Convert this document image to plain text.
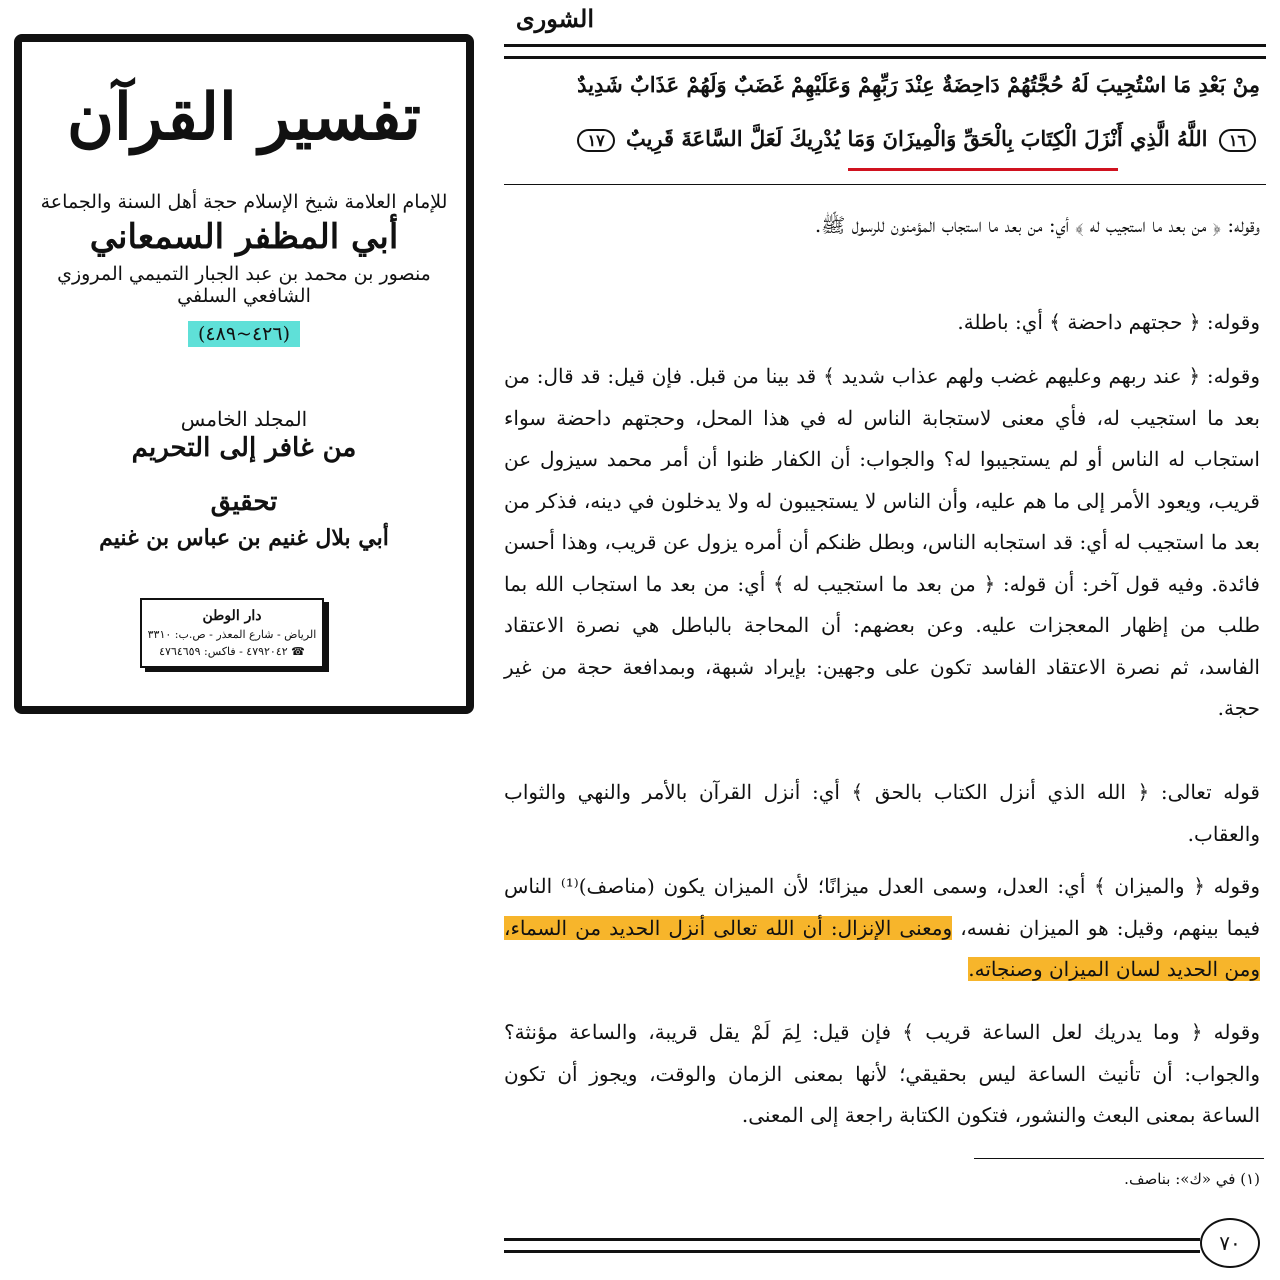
تفسير القرآن
للإمام العلامة شيخ الإسلام حجة أهل السنة والجماعة
أبي المظفر السمعاني
منصور بن محمد بن عبد الجبار التميمي المروزي الشافعي السلفي
(٤٢٦~٤٨٩)
المجلد الخامس
من غافر إلى التحريم
تحقيق
أبي بلال غنيم بن عباس بن غنيم
دار الوطن
الرياض - شارع المعذر - ص.ب: ٣٣١٠
☎ ٤٧٩٢٠٤٢ - فاكس: ٤٧٦٤٦٥٩
الشورى
مِنْ بَعْدِ مَا اسْتُجِيبَ لَهُ حُجَّتُهُمْ دَاحِضَةٌ عِنْدَ رَبِّهِمْ وَعَلَيْهِمْ غَضَبٌ وَلَهُمْ عَذَابٌ شَدِيدٌ
١٦ اللَّهُ الَّذِي أَنْزَلَ الْكِتَابَ بِالْحَقِّ وَالْمِيزَانَ وَمَا يُدْرِيكَ لَعَلَّ السَّاعَةَ قَرِيبٌ ١٧
وقوله: ﴿ من بعد ما استجيب له ﴾ أي: من بعد ما استجاب المؤمنون للرسول ﷺ.
وقوله: ﴿ حجتهم داحضة ﴾ أي: باطلة.
وقوله: ﴿ عند ربهم وعليهم غضب ولهم عذاب شديد ﴾ قد بينا من قبل. فإن قيل: قد قال: من بعد ما استجيب له، فأي معنى لاستجابة الناس له في هذا المحل، وحجتهم داحضة سواء استجاب له الناس أو لم يستجيبوا له؟ والجواب: أن الكفار ظنوا أن أمر محمد سيزول عن قريب، ويعود الأمر إلى ما هم عليه، وأن الناس لا يستجيبون له ولا يدخلون في دينه، فذكر من بعد ما استجيب له أي: قد استجابه الناس، وبطل ظنكم أن أمره يزول عن قريب، وهذا أحسن فائدة. وفيه قول آخر: أن قوله: ﴿ من بعد ما استجيب له ﴾ أي: من بعد ما استجاب الله بما طلب من إظهار المعجزات عليه. وعن بعضهم: أن المحاجة بالباطل هي نصرة الاعتقاد الفاسد، ثم نصرة الاعتقاد الفاسد تكون على وجهين: بإيراد شبهة، وبمدافعة حجة من غير حجة.
قوله تعالى: ﴿ الله الذي أنزل الكتاب بالحق ﴾ أي: أنزل القرآن بالأمر والنهي والثواب والعقاب.
وقوله ﴿ والميزان ﴾ أي: العدل، وسمى العدل ميزانًا؛ لأن الميزان يكون (مناصف)⁽¹⁾ الناس فيما بينهم، وقيل: هو الميزان نفسه، ومعنى الإنزال: أن الله تعالى أنزل الحديد من السماء، ومن الحديد لسان الميزان وصنجاته.
وقوله ﴿ وما يدريك لعل الساعة قريب ﴾ فإن قيل: لِمَ لَمْ يقل قريبة، والساعة مؤنثة؟ والجواب: أن تأنيث الساعة ليس بحقيقي؛ لأنها بمعنى الزمان والوقت، ويجوز أن تكون الساعة بمعنى البعث والنشور، فتكون الكتابة راجعة إلى المعنى.
(١) في «ك»: بناصف.
٧٠
